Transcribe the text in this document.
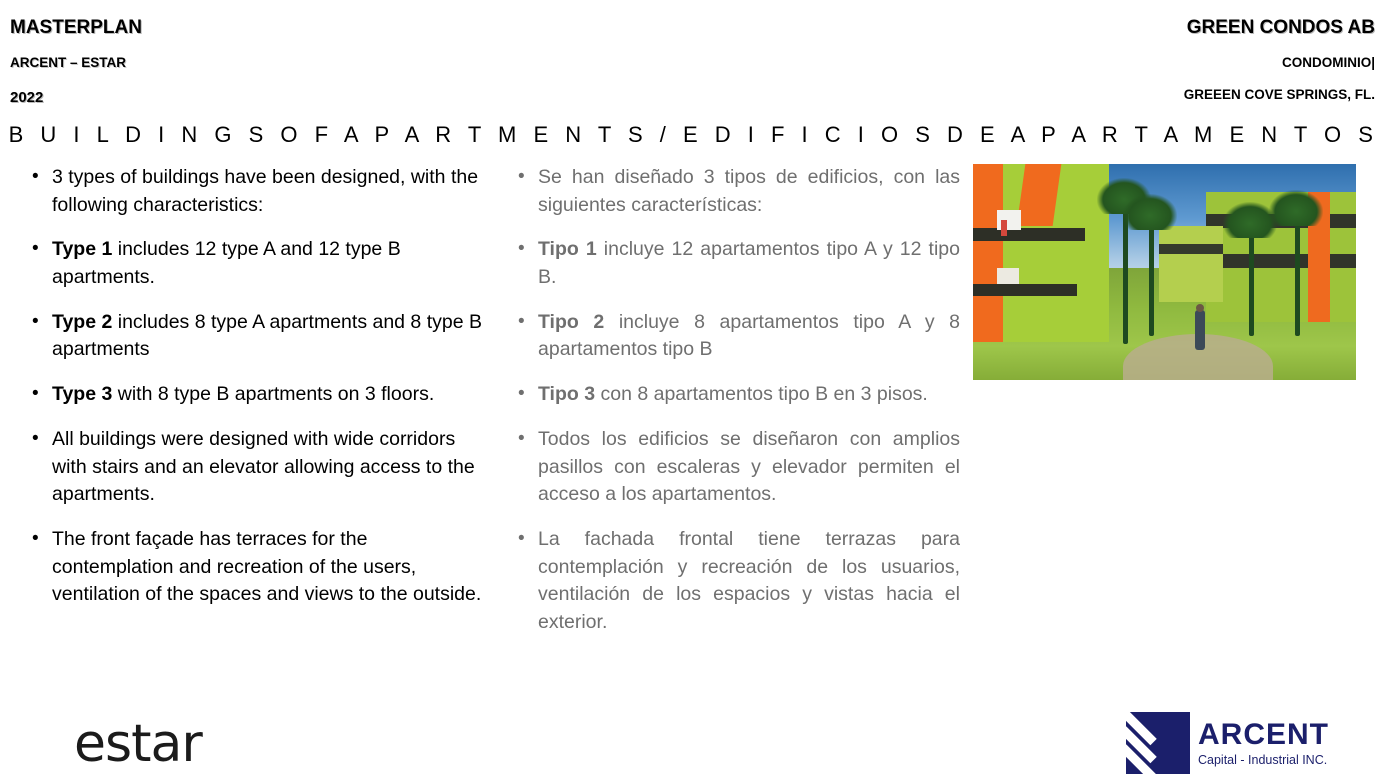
MASTERPLAN
ARCENT – ESTAR
2022
GREEN CONDOS AB
CONDOMINIO|
GREEEN COVE SPRINGS, FL.
B U I L D I N G S O F A P A R T M E N T S / E D I F I C I O S D E A P A R T A M E N T O S
• 3 types of buildings have been designed, with the following characteristics:
• Type 1 includes 12 type A and 12 type B apartments.
• Type 2 includes 8 type A apartments and 8 type B apartments
• Type 3 with 8 type B apartments on 3 floors.
• All buildings were designed with wide corridors with stairs and an elevator allowing access to the apartments.
• The front façade has terraces for the contemplation and recreation of the users, ventilation of the spaces and views to the outside.
• Se han diseñado 3 tipos de edificios, con las siguientes características:
• Tipo 1 incluye 12 apartamentos tipo A y 12 tipo B.
• Tipo 2 incluye 8 apartamentos tipo A y 8 apartamentos tipo B
• Tipo 3 con 8 apartamentos tipo B en 3 pisos.
• Todos los edificios se diseñaron con amplios pasillos con escaleras y elevador permiten el acceso a los apartamentos.
• La fachada frontal tiene terrazas para contemplación y recreación de los usuarios, ventilación de los espacios y vistas hacia el exterior.
estar	ARCENT
Capital - Industrial INC.
